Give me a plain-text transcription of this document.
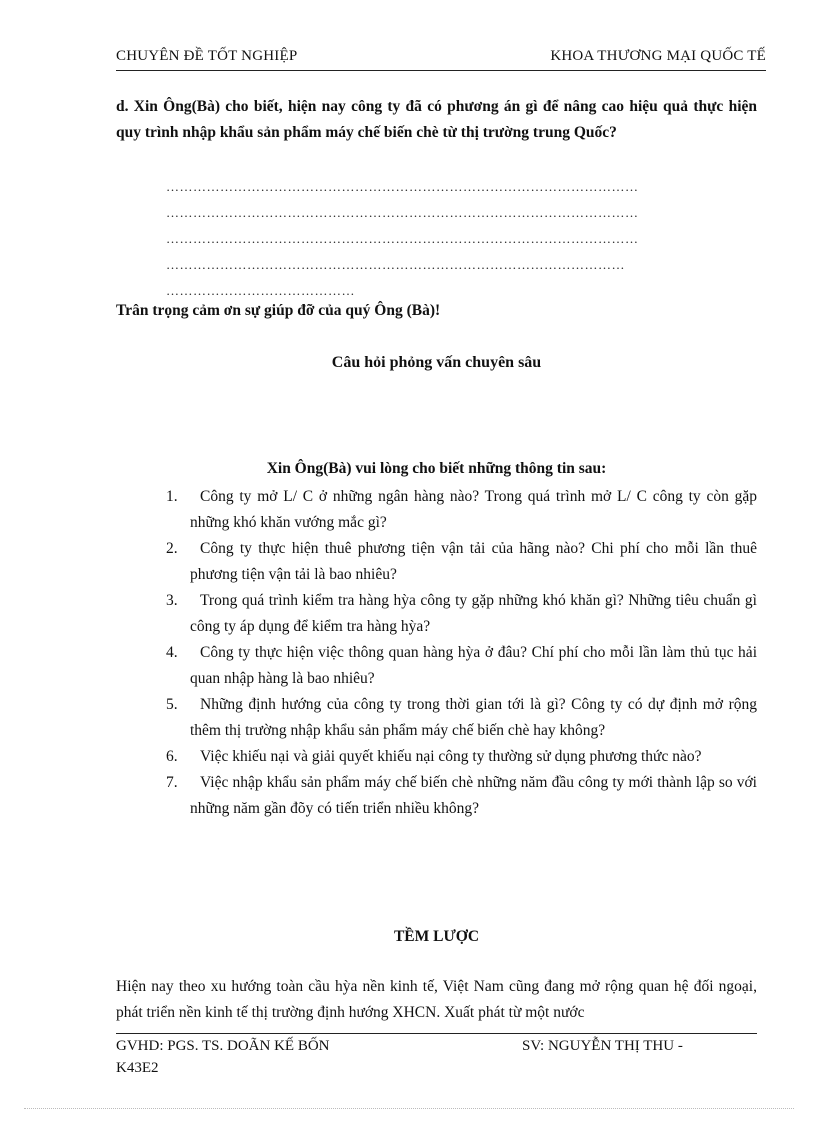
CHUYÊN ĐỀ TỐT NGHIỆP	KHOA THƯƠNG MẠI QUỐC TẾ
d. Xin Ông(Bà) cho biết, hiện nay công ty đã có phương án gì để nâng cao hiệu quả thực hiện quy trình nhập khẩu sản phẩm máy chế biến chè từ thị trường trung Quốc?
……………………………………………………………………………………………
……………………………………………………………………………………………
……………………………………………………………………………………………
…………………………………………………………………………………………
……………………………………
Trân trọng cảm ơn sự giúp đỡ của quý Ông (Bà)!
Câu hỏi phỏng vấn chuyên sâu
Xin Ông(Bà) vui lòng cho biết những thông tin sau:
1.	Công ty mở L/ C ở những ngân hàng nào? Trong quá trình mở L/ C công ty còn gặp những khó khăn vướng mắc gì?
2.	Công ty thực hiện thuê phương tiện vận tải của hãng nào? Chi phí cho mỗi lần thuê phương tiện vận tải là bao nhiêu?
3.	Trong quá trình kiểm tra hàng hỳa công ty gặp những khó khăn gì? Những tiêu chuẩn gì công ty áp dụng để kiểm tra hàng hỳa?
4.	Công ty thực hiện việc thông quan hàng hỳa ở đâu? Chí phí cho mỗi lần làm thủ tục hải quan nhập hàng là bao nhiêu?
5.	Những định hướng của công ty trong thời gian tới là gì? Công ty có dự định mở rộng thêm thị trường nhập khẩu sản phẩm máy chế biến chè hay không?
6.	Việc khiếu nại và giải quyết khiếu nại công ty thường sử dụng phương thức nào?
7.	Việc nhập khẩu sản phẩm máy chế biến chè những năm đầu công ty mới thành lập so với những năm gần đõy có tiến triển nhiều không?
TỀM LƯỢC
Hiện nay theo xu hướng toàn cầu hỳa nền kinh tế, Việt Nam cũng đang mở rộng quan hệ đối ngoại, phát triển nền kinh tế thị trường định hướng XHCN. Xuất phát từ một nước
GVHD: PGS. TS. DOÃN KẾ BỐN	SV: NGUYỄN THỊ THU -
K43E2
